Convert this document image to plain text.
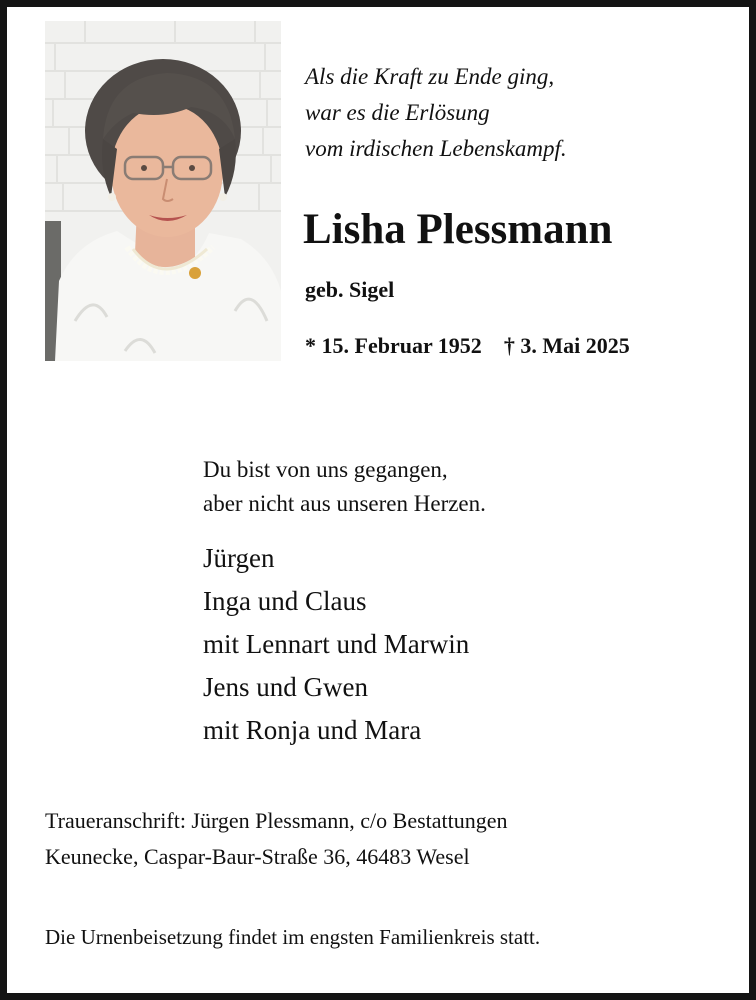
Als die Kraft zu Ende ging,
war es die Erlösung
vom irdischen Lebenskampf.
Lisha Plessmann
geb. Sigel
* 15. Februar 1952 † 3. Mai 2025
Du bist von uns gegangen,
aber nicht aus unseren Herzen.
Jürgen
Inga und Claus
mit Lennart und Marwin
Jens und Gwen
mit Ronja und Mara
Traueranschrift: Jürgen Plessmann, c/o Bestattungen
Keunecke, Caspar-Baur-Straße 36, 46483 Wesel
Die Urnenbeisetzung findet im engsten Familienkreis statt.
